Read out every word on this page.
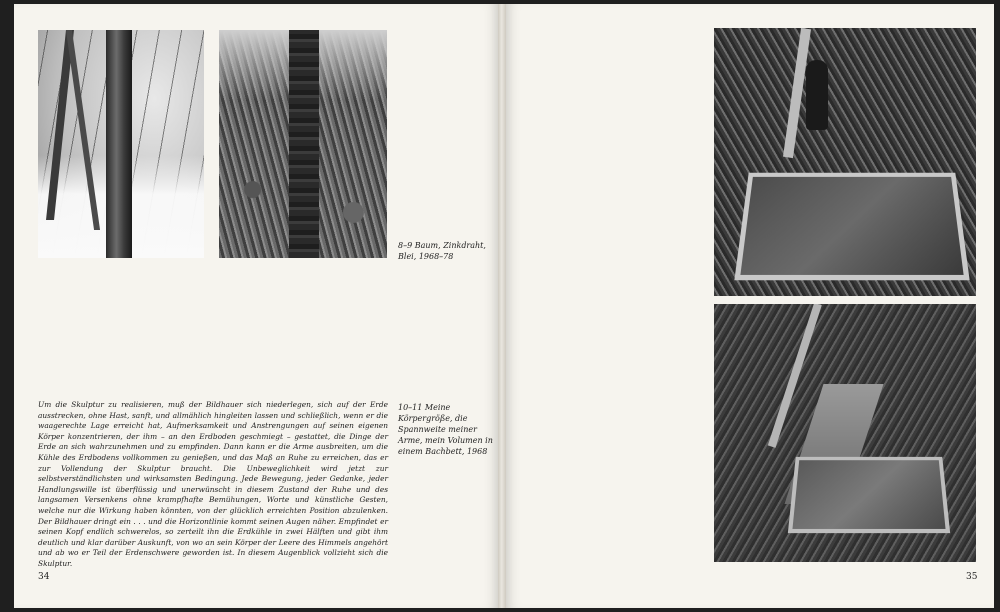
8–9 Baum, Zinkdraht, Blei, 1968–78
10–11 Meine Körpergröße, die Spannweite meiner Arme, mein Volumen in einem Bachbett, 1968
Um die Skulptur zu realisieren, muß der Bildhauer sich niederlegen, sich auf der Erde ausstrecken, ohne Hast, sanft, und allmählich hingleiten lassen und schließlich, wenn er die waagerechte Lage erreicht hat, Aufmerksamkeit und Anstrengungen auf seinen eigenen Körper konzentrieren, der ihm – an den Erdboden geschmiegt – gestattet, die Dinge der Erde an sich wahrzunehmen und zu empfinden. Dann kann er die Arme ausbreiten, um die Kühle des Erdbodens vollkommen zu genießen, und das Maß an Ruhe zu erreichen, das er zur Vollendung der Skulptur braucht. Die Unbeweglichkeit wird jetzt zur selbstverständlichsten und wirksamsten Bedingung. Jede Bewegung, jeder Gedanke, jeder Handlungswille ist überflüssig und unerwünscht in diesem Zustand der Ruhe und des langsamen Versenkens ohne krampfhafte Bemühungen, Worte und künstliche Gesten, welche nur die Wirkung haben könnten, von der glücklich erreichten Position abzulenken. Der Bildhauer dringt ein . . . und die Horizontlinie kommt seinen Augen näher. Empfindet er seinen Kopf endlich schwerelos, so zerteilt ihn die Erdkühle in zwei Hälften und gibt ihm deutlich und klar darüber Auskunft, von wo an sein Körper der Leere des Himmels angehört und ab wo er Teil der Erdenschwere geworden ist. In diesem Augenblick vollzieht sich die Skulptur.
34	35
